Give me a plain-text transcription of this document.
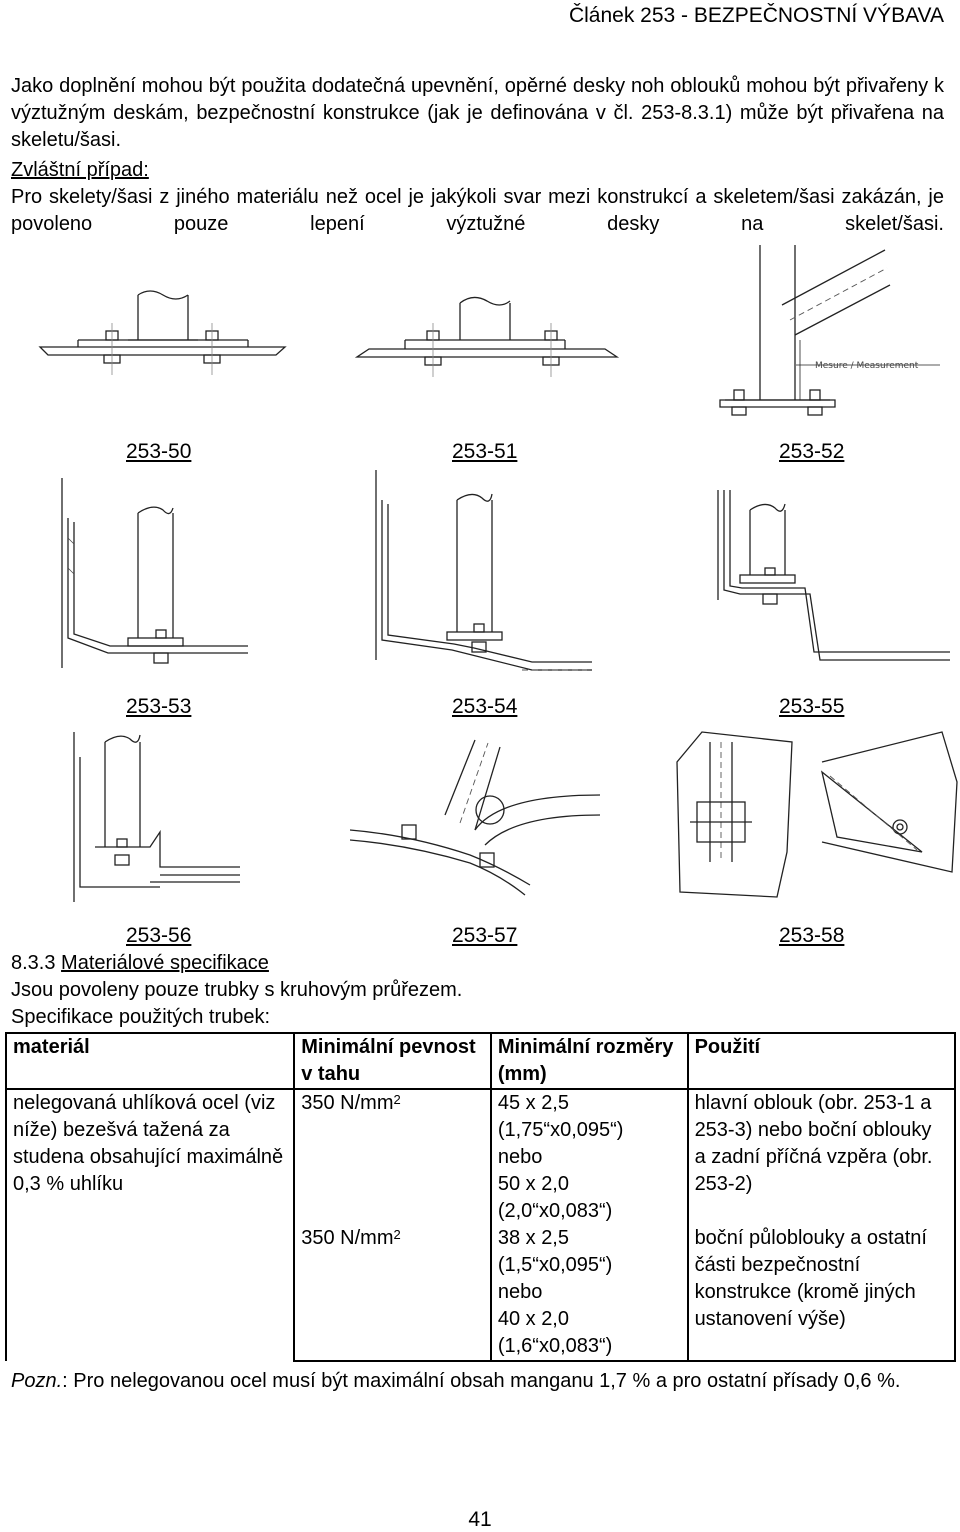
Článek 253 - BEZPEČNOSTNÍ VÝBAVA
Jako doplnění mohou být použita dodatečná upevnění, opěrné desky noh oblouků mohou být přivařeny k výztužným deskám, bezpečnostní konstrukce (jak je definována v čl. 253-8.3.1) může být přivařena na skeletu/šasi.
Zvláštní případ:
Pro skelety/šasi z jiného materiálu než ocel je jakýkoli svar mezi konstrukcí a skeletem/šasi zakázán, je povoleno pouze lepení výztužné desky na skelet/šasi.
Mesure / Measurement
253-50	253-51	253-52
253-53	253-54	253-55
253-56	253-57	253-58
8.3.3 Materiálové specifikace
Jsou povoleny pouze trubky s kruhovým průřezem.
Specifikace použitých trubek:
materiál	Minimální pevnost v tahu	Minimální rozměry (mm)	Použití
nelegovaná uhlíková ocel (viz níže) bezešvá tažená za studena obsahující maximálně 0,3 % uhlíku	350 $N/mm^2$	45 x 2,5
(1,75“x0,095“)
nebo
50 x 2,0
(2,0“x0,083“)	hlavní oblouk (obr. 253-1 a 253-3) nebo boční oblouky a zadní příčná vzpěra (obr. 253-2)
	350 $N/mm^2$	38 x 2,5
(1,5“x0,095“)
nebo
40 x 2,0
(1,6“x0,083“)	boční půloblouky a ostatní části bezpečnostní konstrukce (kromě jiných ustanovení výše)
Pozn.: Pro nelegovanou ocel musí být maximální obsah manganu 1,7 % a pro ostatní přísady 0,6 %.
41
